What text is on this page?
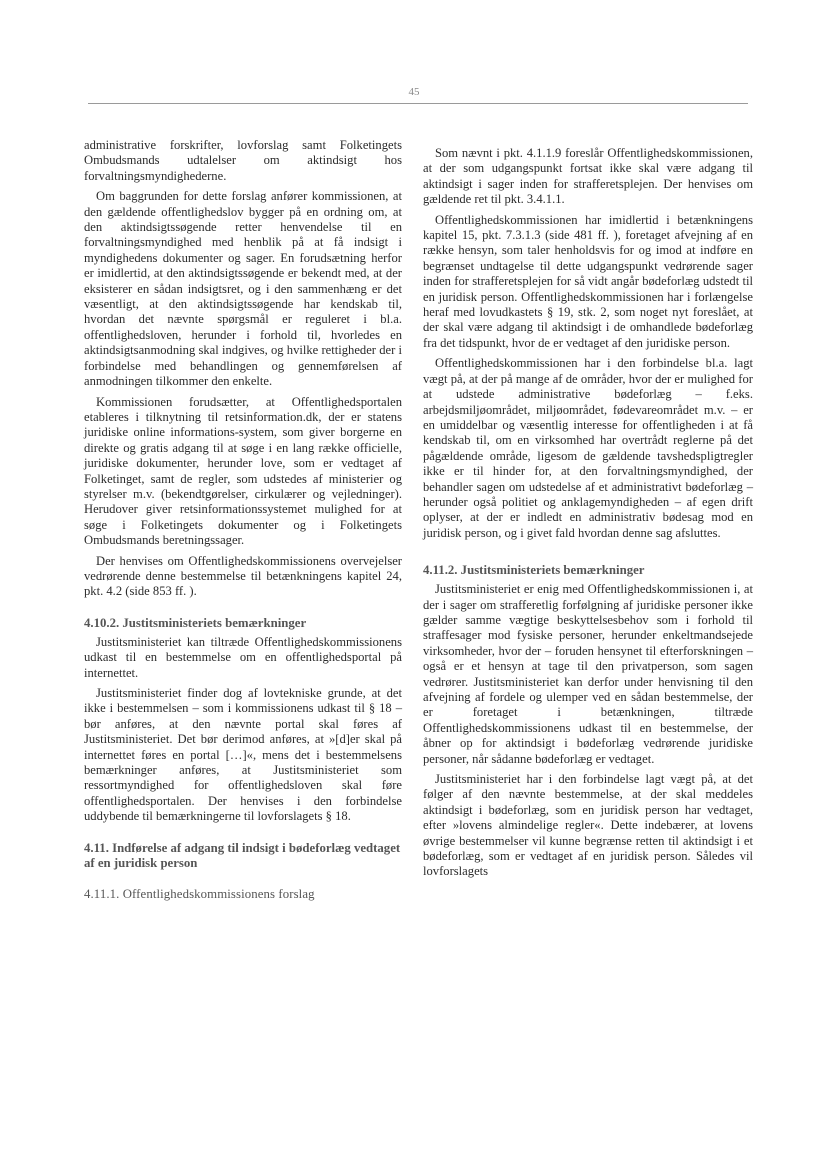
45

administrative forskrifter, lovforslag samt Folketingets Ombudsmands udtalelser om aktindsigt hos forvaltningsmyndighederne.

Om baggrunden for dette forslag anfører kommissionen, at den gældende offentlighedslov bygger på en ordning om, at den aktindsigtssøgende retter henvendelse til en forvaltningsmyndighed med henblik på at få indsigt i myndighedens dokumenter og sager. En forudsætning herfor er imidlertid, at den aktindsigtssøgende er bekendt med, at der eksisterer en sådan indsigtsret, og i den sammenhæng er det væsentligt, at den aktindsigtssøgende har kendskab til, hvordan det nævnte spørgsmål er reguleret i bl.a. offentlighedsloven, herunder i forhold til, hvorledes en aktindsigtsanmodning skal indgives, og hvilke rettigheder der i forbindelse med behandlingen og gennemførelsen af anmodningen tilkommer den enkelte.

Kommissionen forudsætter, at Offentlighedsportalen etableres i tilknytning til retsinformation.dk, der er statens juridiske online informations-system, som giver borgerne en direkte og gratis adgang til at søge i en lang række officielle, juridiske dokumenter, herunder love, som er vedtaget af Folketinget, samt de regler, som udstedes af ministerier og styrelser m.v. (bekendtgørelser, cirkulærer og vejledninger). Herudover giver retsinformationssystemet mulighed for at søge i Folketingets dokumenter og i Folketingets Ombudsmands beretningssager.

Der henvises om Offentlighedskommissionens overvejelser vedrørende denne bestemmelse til betænkningens kapitel 24, pkt. 4.2 (side 853 ff. ).

4.10.2. Justitsministeriets bemærkninger

Justitsministeriet kan tiltræde Offentlighedskommissionens udkast til en bestemmelse om en offentlighedsportal på internettet.

Justitsministeriet finder dog af lovtekniske grunde, at det ikke i bestemmelsen – som i kommissionens udkast til § 18 – bør anføres, at den nævnte portal skal føres af Justitsministeriet. Det bør derimod anføres, at »[d]er skal på internettet føres en portal […]«, mens det i bestemmelsens bemærkninger anføres, at Justitsministeriet som ressortmyndighed for offentlighedsloven skal føre offentlighedsportalen. Der henvises i den forbindelse uddybende til bemærkningerne til lovforslagets § 18.

4.11. Indførelse af adgang til indsigt i bødeforlæg vedtaget af en juridisk person
4.11.1. Offentlighedskommissionens forslag

Som nævnt i pkt. 4.1.1.9 foreslår Offentlighedskommissionen, at der som udgangspunkt fortsat ikke skal være adgang til aktindsigt i sager inden for strafferetsplejen. Der henvises om gældende ret til pkt. 3.4.1.1.

Offentlighedskommissionen har imidlertid i betænkningens kapitel 15, pkt. 7.3.1.3 (side 481 ff. ), foretaget afvejning af en række hensyn, som taler henholdsvis for og imod at indføre en begrænset undtagelse til dette udgangspunkt vedrørende sager inden for strafferetsplejen for så vidt angår bødeforlæg udstedt til en juridisk person. Offentlighedskommissionen har i forlængelse heraf med lovudkastets § 19, stk. 2, som noget nyt foreslået, at der skal være adgang til aktindsigt i de omhandlede bødeforlæg fra det tidspunkt, hvor de er vedtaget af den juridiske person.

Offentlighedskommissionen har i den forbindelse bl.a. lagt vægt på, at der på mange af de områder, hvor der er mulighed for at udstede administrative bødeforlæg – f.eks. arbejdsmiljøområdet, miljøområdet, fødevareområdet m.v. – er en umiddelbar og væsentlig interesse for offentligheden i at få kendskab til, om en virksomhed har overtrådt reglerne på det pågældende område, ligesom de gældende tavshedspligtregler ikke er til hinder for, at den forvaltningsmyndighed, der behandler sagen om udstedelse af et administrativt bødeforlæg – herunder også politiet og anklagemyndigheden – af egen drift oplyser, at der er indledt en administrativ bødesag mod en juridisk person, og i givet fald hvordan denne sag afsluttes.

4.11.2. Justitsministeriets bemærkninger

Justitsministeriet er enig med Offentlighedskommissionen i, at der i sager om strafferetlig forfølgning af juridiske personer ikke gælder samme vægtige beskyttelsesbehov som i forhold til straffesager mod fysiske personer, herunder enkeltmandsejede virksomheder, hvor der – foruden hensynet til efterforskningen – også er et hensyn at tage til den privatperson, som sagen vedrører. Justitsministeriet kan derfor under henvisning til den afvejning af fordele og ulemper ved en sådan bestemmelse, der er foretaget i betænkningen, tiltræde Offentlighedskommissionens udkast til en bestemmelse, der åbner op for aktindsigt i bødeforlæg vedrørende juridiske personer, når sådanne bødeforlæg er vedtaget.

Justitsministeriet har i den forbindelse lagt vægt på, at det følger af den nævnte bestemmelse, at der skal meddeles aktindsigt i bødeforlæg, som en juridisk person har vedtaget, efter »lovens almindelige regler«. Dette indebærer, at lovens øvrige bestemmelser vil kunne begrænse retten til aktindsigt i et bødeforlæg, som er vedtaget af en juridisk person. Således vil lovforslagets
